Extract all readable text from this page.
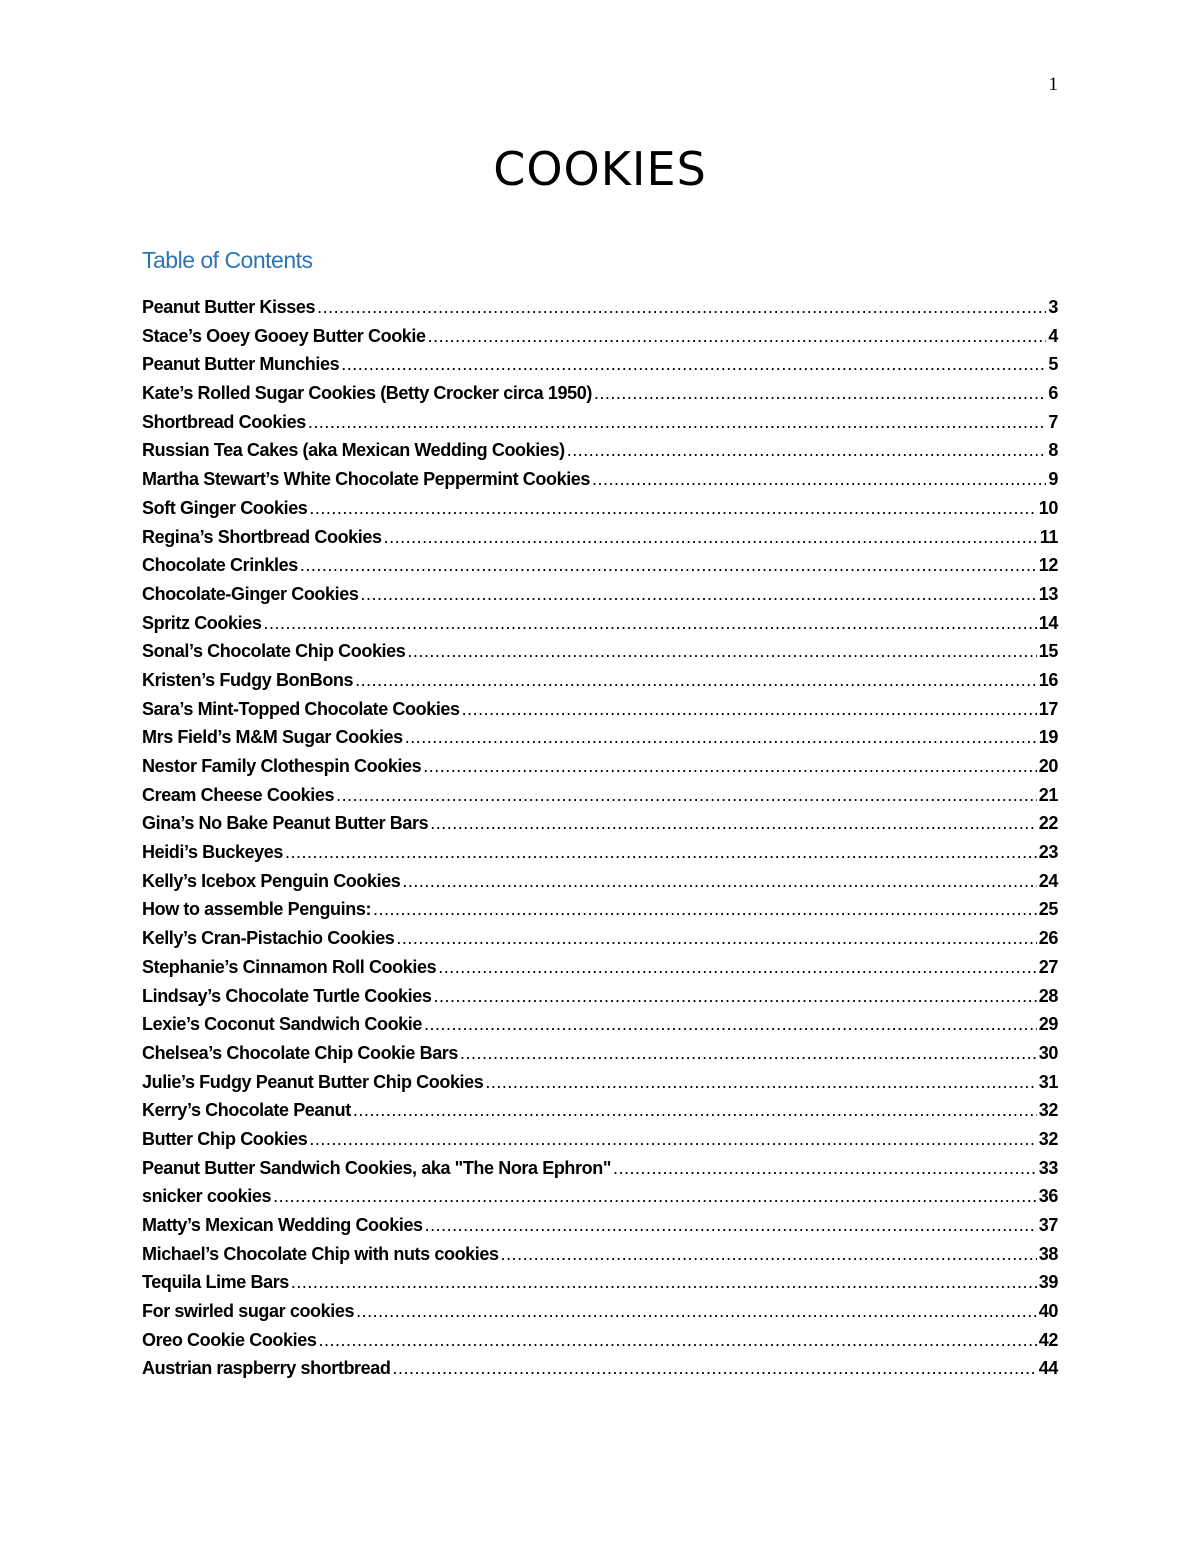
1
COOKIES
Table of Contents
Peanut Butter Kisses .....	3
Stace’s Ooey Gooey Butter Cookie .....	4
Peanut Butter Munchies .....	5
Kate’s Rolled Sugar Cookies (Betty Crocker circa 1950) .....	6
Shortbread Cookies .....	7
Russian Tea Cakes (aka Mexican Wedding Cookies) .....	8
Martha Stewart’s White Chocolate Peppermint Cookies .....	9
Soft Ginger Cookies .....	10
Regina’s Shortbread Cookies .....	11
Chocolate Crinkles .....	12
Chocolate-Ginger Cookies .....	13
Spritz Cookies .....	14
Sonal’s Chocolate Chip Cookies .....	15
Kristen’s Fudgy BonBons .....	16
Sara’s Mint-Topped Chocolate Cookies .....	17
Mrs Field’s M&M Sugar Cookies .....	19
Nestor Family Clothespin Cookies .....	20
Cream Cheese Cookies .....	21
Gina’s No Bake Peanut Butter Bars .....	22
Heidi’s Buckeyes .....	23
Kelly’s Icebox Penguin Cookies .....	24
How to assemble Penguins: .....	25
Kelly’s Cran-Pistachio Cookies .....	26
Stephanie’s Cinnamon Roll Cookies .....	27
Lindsay’s Chocolate Turtle Cookies .....	28
Lexie’s Coconut Sandwich Cookie .....	29
Chelsea’s Chocolate Chip Cookie Bars .....	30
Julie’s Fudgy Peanut Butter Chip Cookies .....	31
Kerry’s Chocolate Peanut .....	32
Butter Chip Cookies .....	32
Peanut Butter Sandwich Cookies, aka "The Nora Ephron" .....	33
snicker cookies .....	36
Matty’s Mexican Wedding Cookies .....	37
Michael’s Chocolate Chip with nuts cookies .....	38
Tequila Lime Bars .....	39
For swirled sugar cookies .....	40
Oreo Cookie Cookies .....	42
Austrian raspberry shortbread .....	44
